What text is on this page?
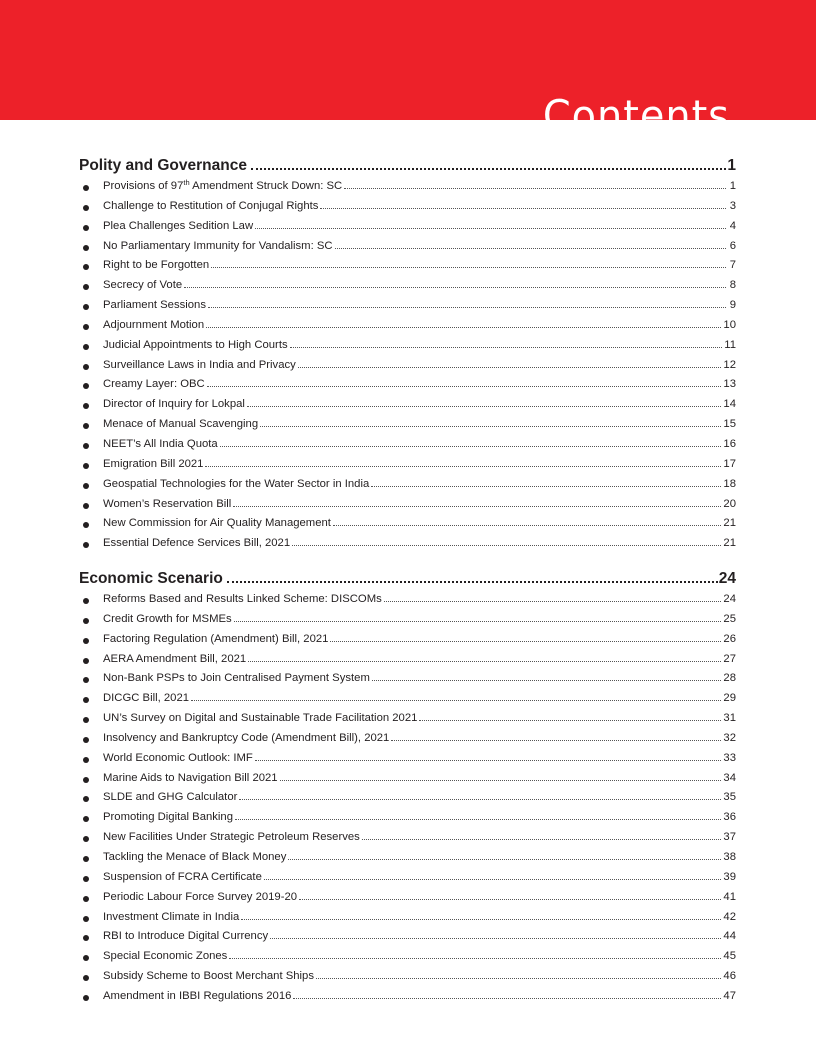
Contents
Polity and Governance	1
Provisions of 97th Amendment Struck Down: SC	1
Challenge to Restitution of Conjugal Rights	3
Plea Challenges Sedition Law	4
No Parliamentary Immunity for Vandalism: SC	6
Right to be Forgotten	7
Secrecy of Vote	8
Parliament Sessions	9
Adjournment Motion	10
Judicial Appointments to High Courts	11
Surveillance Laws in India and Privacy	12
Creamy Layer: OBC	13
Director of Inquiry for Lokpal	14
Menace of Manual Scavenging	15
NEET’s All India Quota	16
Emigration Bill 2021	17
Geospatial Technologies for the Water Sector in India	18
Women’s Reservation Bill	20
New Commission for Air Quality Management	21
Essential Defence Services Bill, 2021	21
Economic Scenario	24
Reforms Based and Results Linked Scheme: DISCOMs	24
Credit Growth for MSMEs	25
Factoring Regulation (Amendment) Bill, 2021	26
AERA Amendment Bill, 2021	27
Non-Bank PSPs to Join Centralised Payment System	28
DICGC Bill, 2021	29
UN’s Survey on Digital and Sustainable Trade Facilitation 2021	31
Insolvency and Bankruptcy Code (Amendment Bill), 2021	32
World Economic Outlook: IMF	33
Marine Aids to Navigation Bill 2021	34
SLDE and GHG Calculator	35
Promoting Digital Banking	36
New Facilities Under Strategic Petroleum Reserves	37
Tackling the Menace of Black Money	38
Suspension of FCRA Certificate	39
Periodic Labour Force Survey 2019-20	41
Investment Climate in India	42
RBI to Introduce Digital Currency	44
Special Economic Zones	45
Subsidy Scheme to Boost Merchant Ships	46
Amendment in IBBI Regulations 2016	47
